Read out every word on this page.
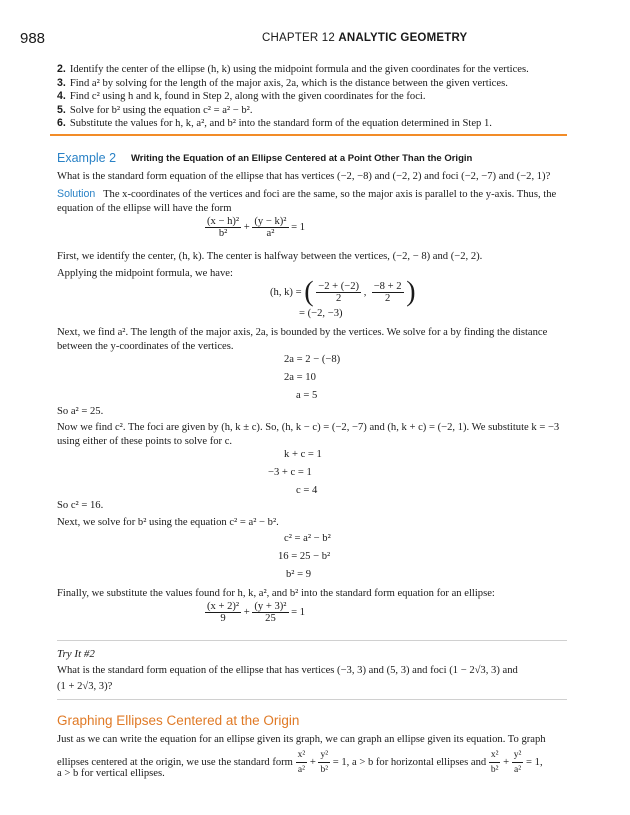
988	CHAPTER 12 ANALYTIC GEOMETRY
2. Identify the center of the ellipse (h, k) using the midpoint formula and the given coordinates for the vertices.
3. Find a² by solving for the length of the major axis, 2a, which is the distance between the given vertices.
4. Find c² using h and k, found in Step 2, along with the given coordinates for the foci.
5. Solve for b² using the equation c² = a² − b².
6. Substitute the values for h, k, a², and b² into the standard form of the equation determined in Step 1.
Example 2 Writing the Equation of an Ellipse Centered at a Point Other Than the Origin
What is the standard form equation of the ellipse that has vertices (−2, −8) and (−2, 2) and foci (−2, −7) and (−2, 1)?
Solution The x-coordinates of the vertices and foci are the same, so the major axis is parallel to the y-axis. Thus, the
equation of the ellipse will have the form
$\frac{\text{(x − h)²}}{\text{b²}} + \frac{\text{(y − k)²}}{\text{a²}} = 1$
First, we identify the center, (h, k). The center is halfway between the vertices, (−2, − 8) and (−2, 2).
Applying the midpoint formula, we have:
(h, k) = ( $\frac{-2 + (-2)}{2}$ , $\frac{-8 + 2}{2}$ )
= (−2, −3)
Next, we find a². The length of the major axis, 2a, is bounded by the vertices. We solve for a by finding the distance
between the y-coordinates of the vertices.
2a = 2 − (−8)
2a = 10
a = 5
So a² = 25.
Now we find c². The foci are given by (h, k ± c). So, (h, k − c) = (−2, −7) and (h, k + c) = (−2, 1). We substitute k = −3
using either of these points to solve for c.
k + c = 1
−3 + c = 1
c = 4
So c² = 16.
Next, we solve for b² using the equation c² = a² − b².
c² = a² − b²
16 = 25 − b²
b² = 9
Finally, we substitute the values found for h, k, a², and b² into the standard form equation for an ellipse:
$\frac{\text{(x + 2)²}}{9} + \frac{\text{(y + 3)²}}{25} = 1$
Try It #2
What is the standard form equation of the ellipse that has vertices (−3, 3) and (5, 3) and foci (1 − 2√3, 3) and
(1 + 2√3, 3)?
Graphing Ellipses Centered at the Origin
Just as we can write the equation for an ellipse given its graph, we can graph an ellipse given its equation. To graph
ellipses centered at the origin, we use the standard form $\frac{\text{x²}}{\text{a²}} + \frac{\text{y²}}{\text{b²}} = 1$, a > b for horizontal ellipses and $\frac{\text{x²}}{\text{b²}} + \frac{\text{y²}}{\text{a²}} = 1$,
a > b for vertical ellipses.
